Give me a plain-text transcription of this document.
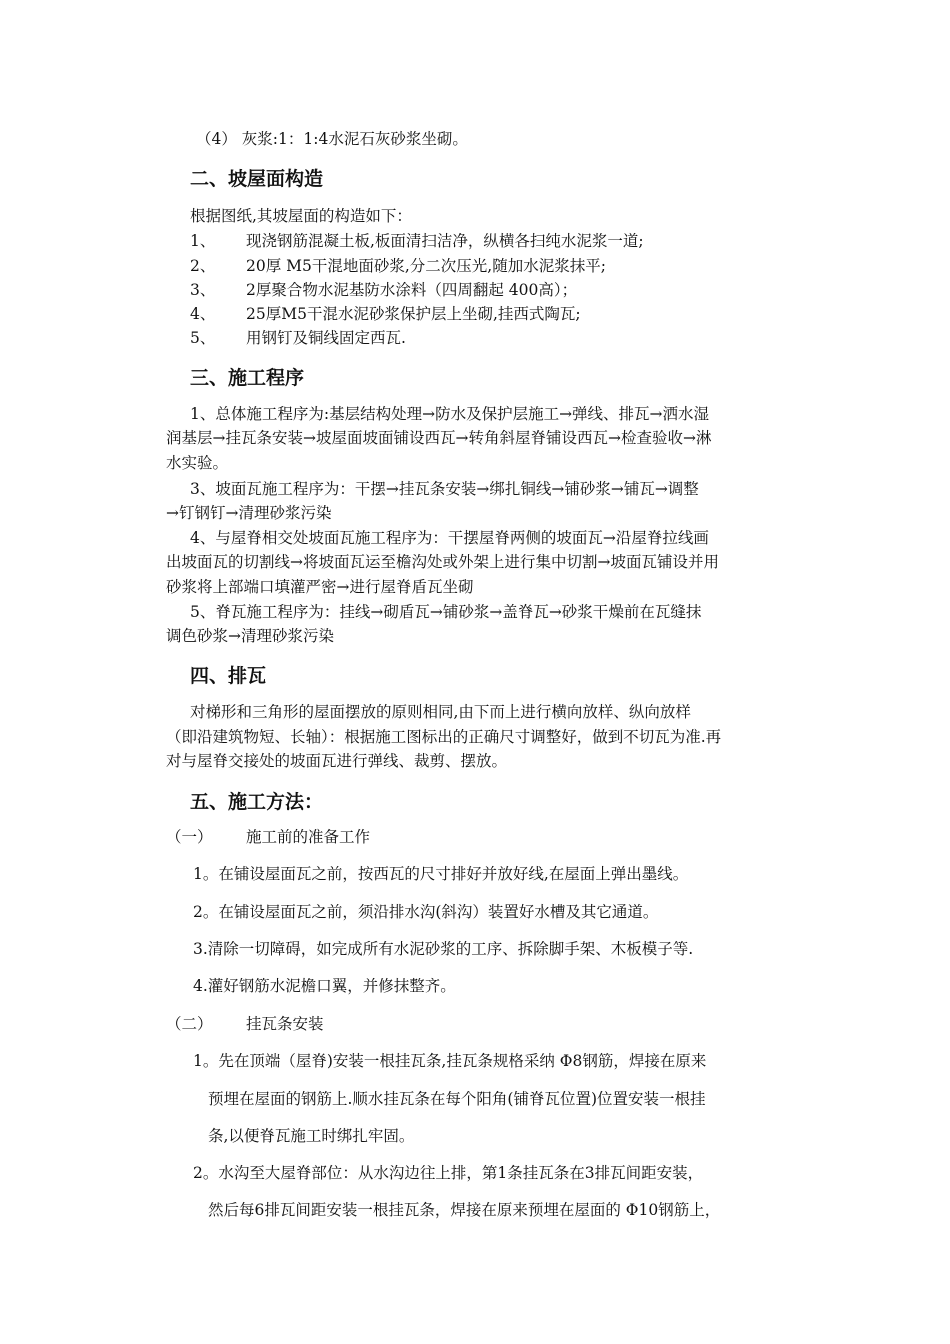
（4） 灰浆:1：1:4水泥石灰砂浆坐砌。
二、坡屋面构造
根据图纸,其坡屋面的构造如下：
1、 现浇钢筋混凝土板,板面清扫洁净，纵横各扫纯水泥浆一道;
2、 20厚 M5干混地面砂浆,分二次压光,随加水泥浆抹平;
3、 2厚聚合物水泥基防水涂料（四周翻起 400高）；
4、 25厚M5干混水泥砂浆保护层上坐砌,挂西式陶瓦;
5、 用钢钉及铜线固定西瓦.
三、施工程序
1、总体施工程序为:基层结构处理→防水及保护层施工→弹线、排瓦→洒水湿
润基层→挂瓦条安装→坡屋面坡面铺设西瓦→转角斜屋脊铺设西瓦→检查验收→淋
水实验。
3、坡面瓦施工程序为：干摆→挂瓦条安装→绑扎铜线→铺砂浆→铺瓦→调整
→钉钢钉→清理砂浆污染
4、与屋脊相交处坡面瓦施工程序为：干摆屋脊两侧的坡面瓦→沿屋脊拉线画
出坡面瓦的切割线→将坡面瓦运至檐沟处或外架上进行集中切割→坡面瓦铺设并用
砂浆将上部端口填灌严密→进行屋脊盾瓦坐砌
5、脊瓦施工程序为：挂线→砌盾瓦→铺砂浆→盖脊瓦→砂浆干燥前在瓦缝抹
调色砂浆→清理砂浆污染
四、排瓦
对梯形和三角形的屋面摆放的原则相同,由下而上进行横向放样、纵向放样
（即沿建筑物短、长轴）：根据施工图标出的正确尺寸调整好，做到不切瓦为准.再
对与屋脊交接处的坡面瓦进行弹线、裁剪、摆放。
五、施工方法：
（一） 施工前的准备工作
1。在铺设屋面瓦之前，按西瓦的尺寸排好并放好线,在屋面上弹出墨线。
2。在铺设屋面瓦之前，须沿排水沟(斜沟）装置好水槽及其它通道。
3.清除一切障碍，如完成所有水泥砂浆的工序、拆除脚手架、木板模子等.
4.灌好钢筋水泥檐口翼，并修抹整齐。
（二） 挂瓦条安装
1。先在顶端（屋脊)安装一根挂瓦条,挂瓦条规格采纳 Φ8钢筋，焊接在原来
预埋在屋面的钢筋上.顺水挂瓦条在每个阳角(铺脊瓦位置)位置安装一根挂
条,以便脊瓦施工时绑扎牢固。
2。水沟至大屋脊部位：从水沟边往上排，第1条挂瓦条在3排瓦间距安装，
然后每6排瓦间距安装一根挂瓦条，焊接在原来预埋在屋面的 Φ10钢筋上，
